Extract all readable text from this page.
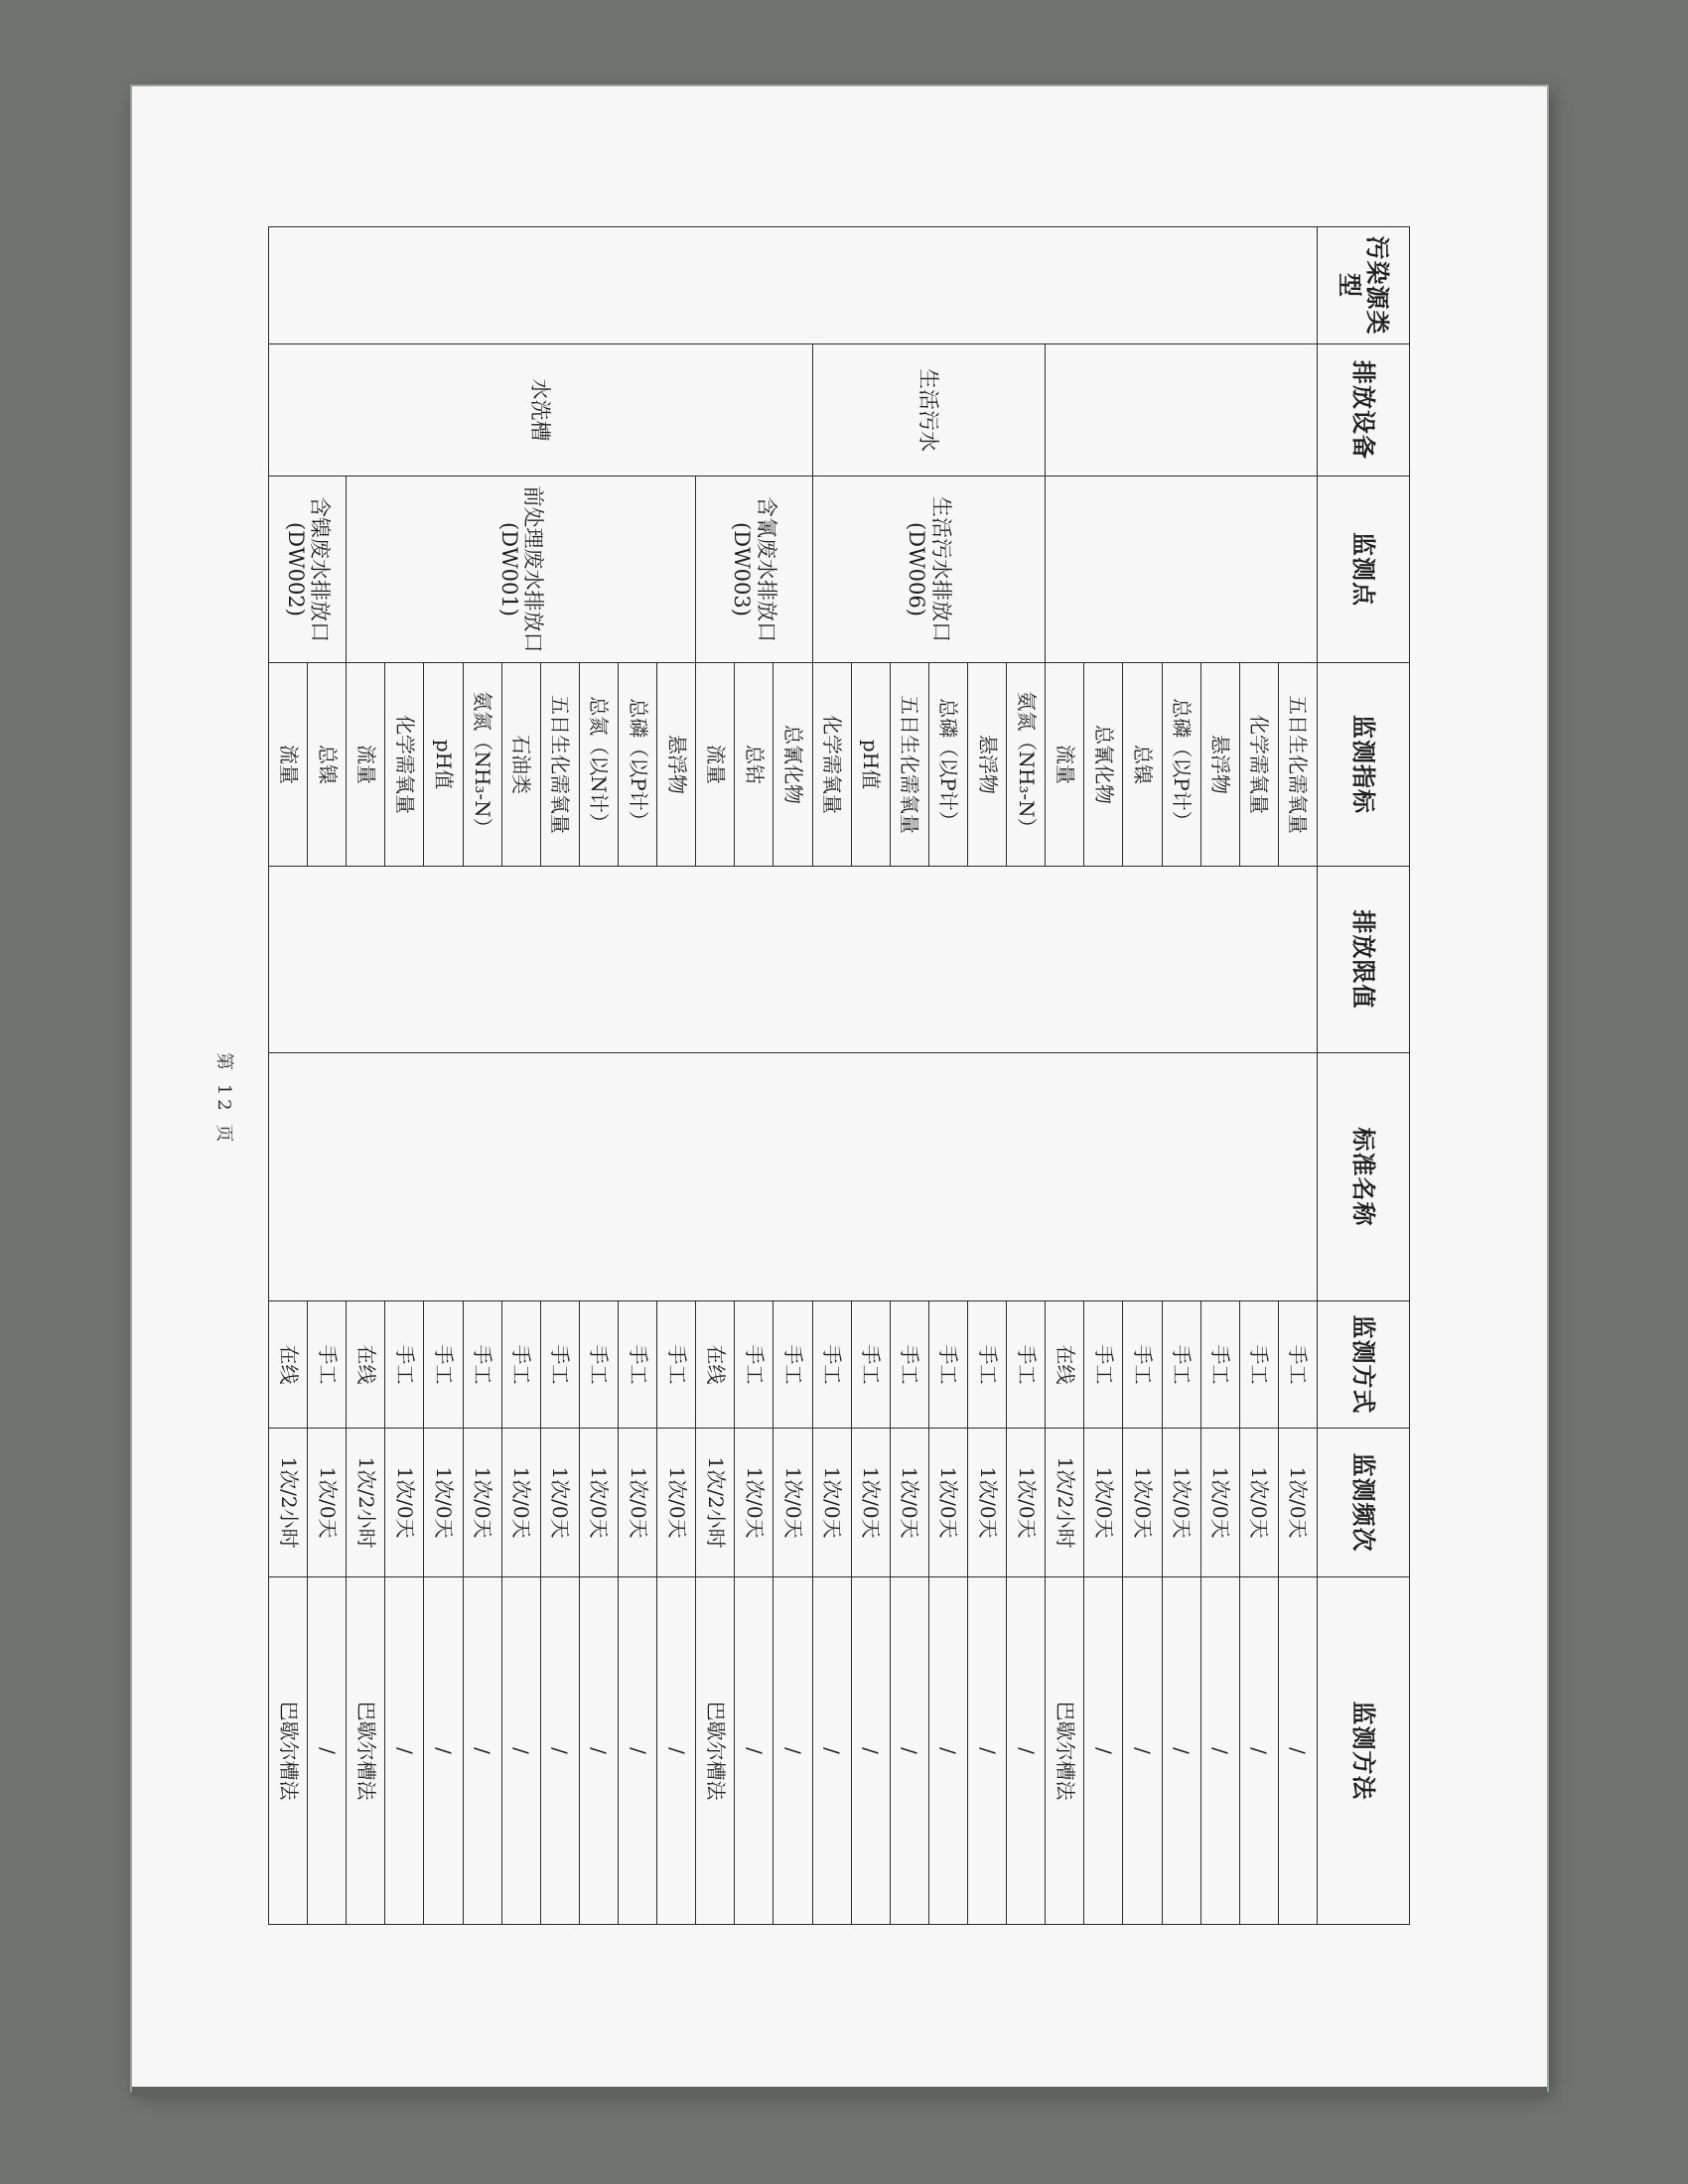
污染源类型	排放设备	监测点	监测指标	排放限值	标准名称	监测方式	监测频次	监测方法
			五日生化需氧量			手工	1次/0天	/
			化学需氧量			手工	1次/0天	/
			悬浮物			手工	1次/0天	/
			总磷（以P计）			手工	1次/0天	/
			总镍			手工	1次/0天	/
			总氰化物			手工	1次/0天	/
			流量			在线	1次/2小时	巴歇尔槽法
	生活污水	生活污水排放口(DW006)	氨氮（NH₃-N）			手工	1次/0天	/
			悬浮物			手工	1次/0天	/
			总磷（以P计）			手工	1次/0天	/
			五日生化需氧量			手工	1次/0天	/
			pH值			手工	1次/0天	/
			化学需氧量			手工	1次/0天	/
	水洗槽	含氰废水排放口(DW003)	总氰化物			手工	1次/0天	/
			总钴			手工	1次/0天	/
			流量			在线	1次/2小时	巴歇尔槽法
		前处理废水排放口(DW001)	悬浮物			手工	1次/0天	/
			总磷（以P计）			手工	1次/0天	/
			总氮（以N计）			手工	1次/0天	/
			五日生化需氧量			手工	1次/0天	/
			石油类			手工	1次/0天	/
			氨氮（NH₃-N）			手工	1次/0天	/
			pH值			手工	1次/0天	/
			化学需氧量			手工	1次/0天	/
			流量			在线	1次/2小时	巴歇尔槽法
		含镍废水排放口(DW002)	总镍			手工	1次/0天	/
			流量			在线	1次/2小时	巴歇尔槽法
第 12 页
